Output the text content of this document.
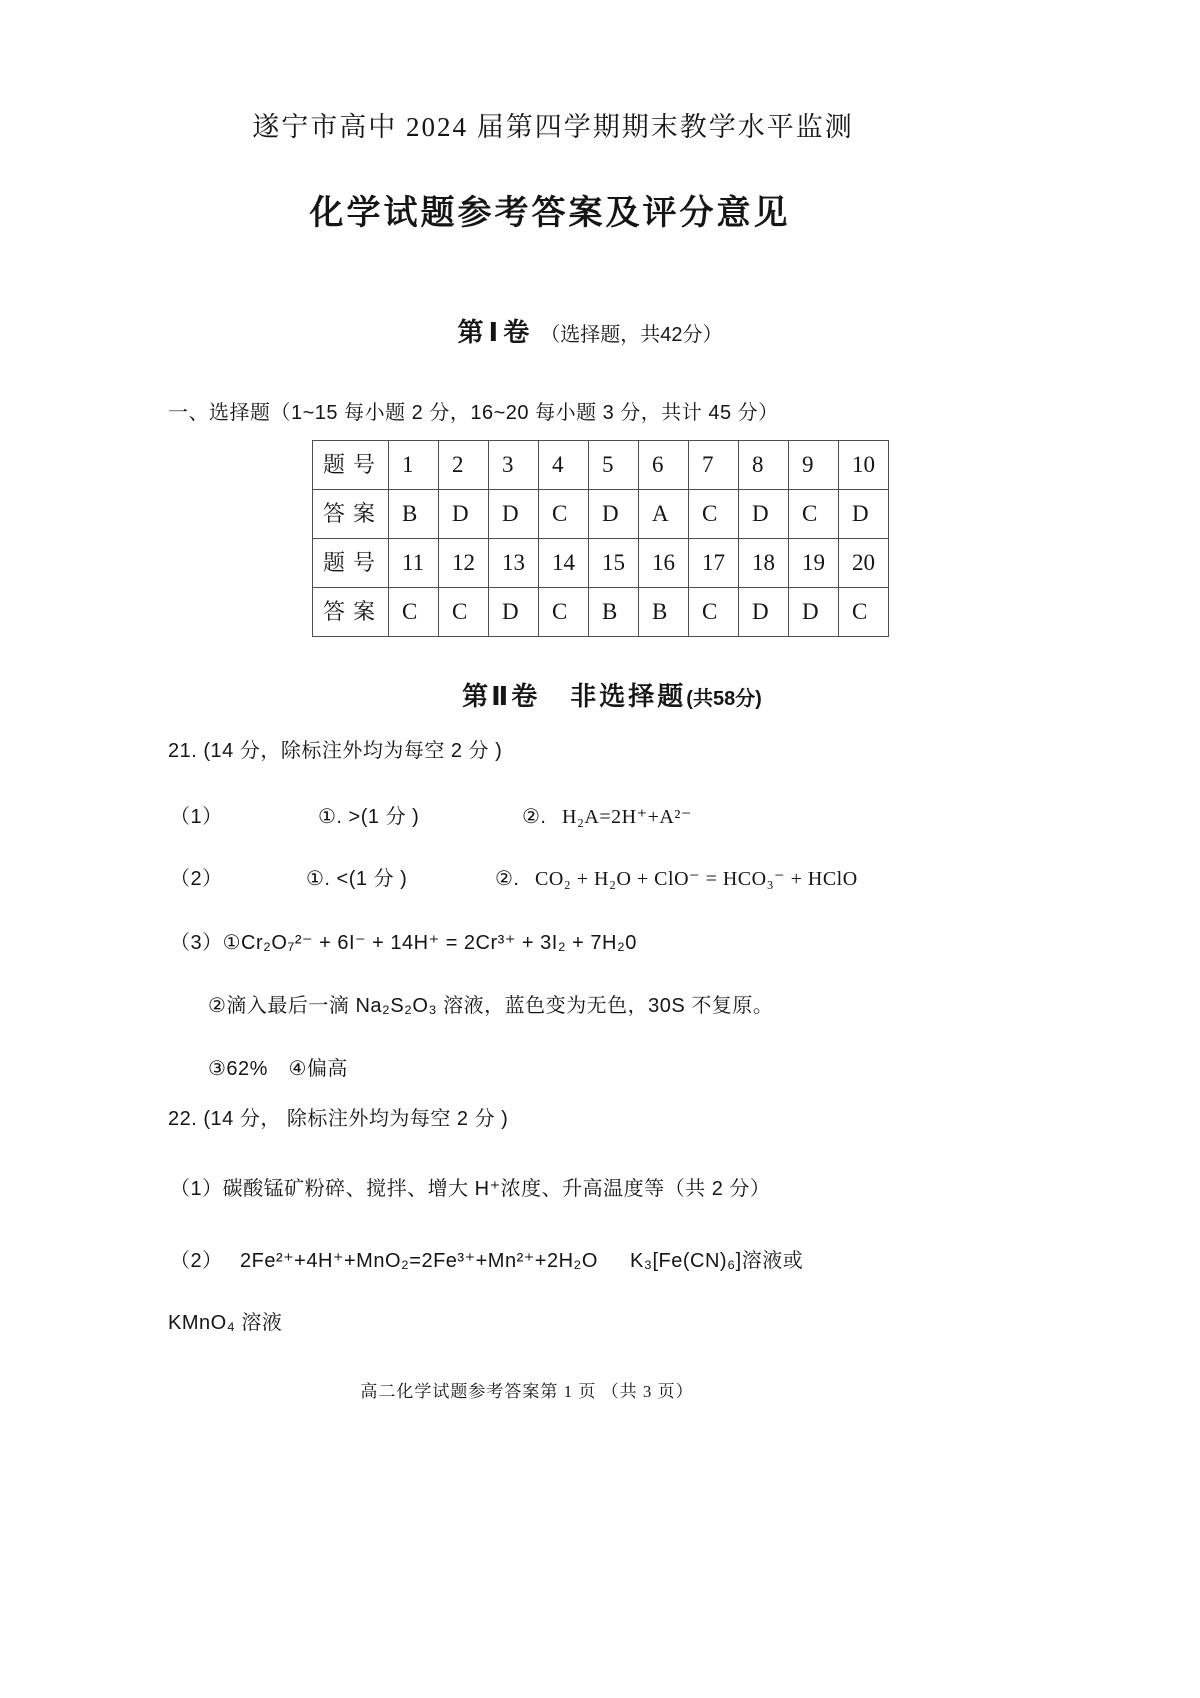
遂宁市高中 2024 届第四学期期末教学水平监测
化学试题参考答案及评分意见
第Ⅰ卷 （选择题，共42分）
一、选择题（1~15 每小题 2 分，16~20 每小题 3 分，共计 45 分）
题号	1	2	3	4	5	6	7	8	9	10
答案	B	D	D	C	D	A	C	D	C	D
题号	11	12	13	14	15	16	17	18	19	20
答案	C	C	D	C	B	B	C	D	D	C
第Ⅱ卷 非选择题(共58分)
21. (14 分，除标注外均为每空 2 分 )
（1）	①. >(1 分 )	②. H₂A=2H⁺+A²⁻
（2）	①. <(1 分 )	②. CO₂ + H₂O + ClO⁻ = HCO₃⁻ + HClO
（3）①Cr₂O₇²⁻ + 6I⁻ + 14H⁺ = 2Cr³⁺ + 3I₂ + 7H₂0
②滴入最后一滴 Na₂S₂O₃ 溶液，蓝色变为无色，30S 不复原。
③62%　④偏高
22. (14 分， 除标注外均为每空 2 分 )
（1）碳酸锰矿粉碎、搅拌、增大 H⁺浓度、升高温度等（共 2 分）
（2） 2Fe²⁺+4H⁺+MnO₂=2Fe³⁺+Mn²⁺+2H₂O K₃[Fe(CN)₆]溶液或
KMnO₄ 溶液
高二化学试题参考答案第 1 页 （共 3 页）
